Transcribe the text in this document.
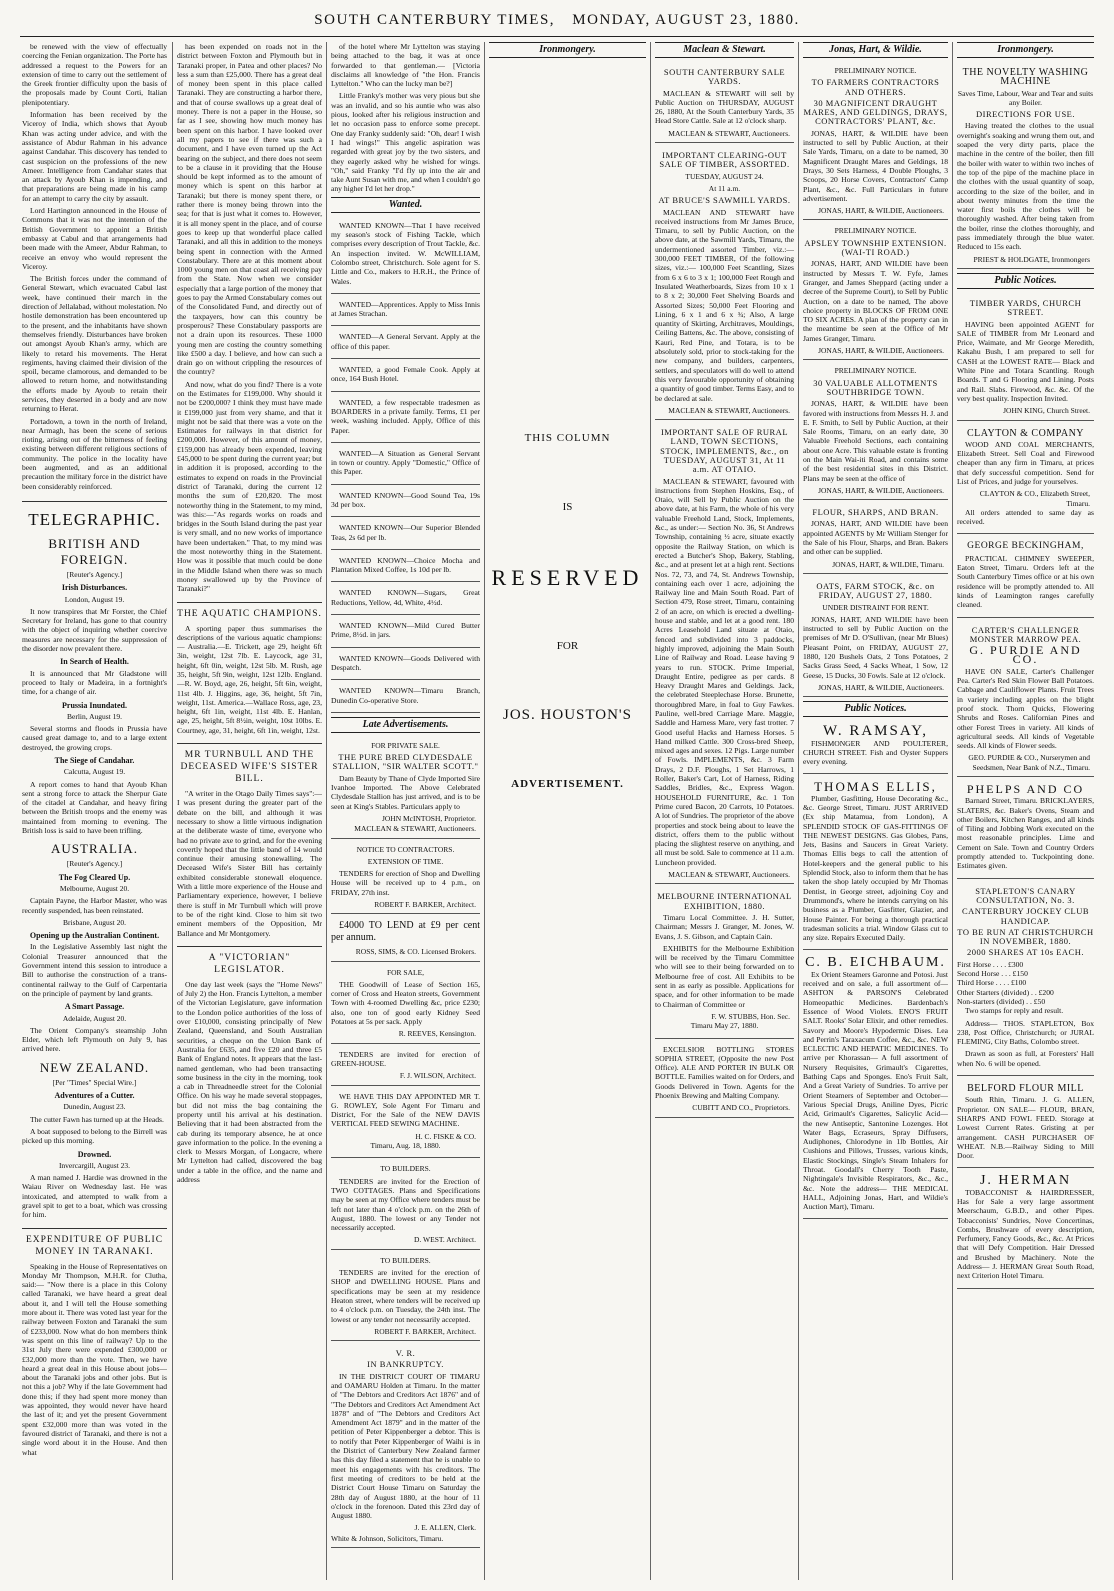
SOUTH CANTERBURY TIMES, MONDAY, AUGUST 23, 1880.

be renewed with the view of effectually coercing the Fenian organization. The Porte has addressed a request to the Powers for an extension of time to carry out the settlement of the Greek frontier difficulty upon the basis of the proposals made by Count Corti, Italian plenipotentiary.

Information has been received by the Viceroy of India, which shows that Ayoub Khan was acting under advice, and with the assistance of Abdur Rahman in his advance against Candahar. This discovery has tended to cast suspicion on the professions of the new Ameer. Intelligence from Candahar states that an attack by Ayoub Khan is impending, and that preparations are being made in his camp for an attempt to carry the city by assault.

Lord Hartington announced in the House of Commons that it was not the intention of the British Government to appoint a British embassy at Cabul and that arrangements had been made with the Ameer, Abdur Rahman, to receive an envoy who would represent the Viceroy.

The British forces under the command of General Stewart, which evacuated Cabul last week, have continued their march in the direction of Jellalabad, without molestation. No hostile demonstration has been encountered up to the present, and the inhabitants have shown themselves friendly. Disturbances have broken out amongst Ayoub Khan's army, which are likely to retard his movements. The Herat regiments, having claimed their division of the spoil, became clamorous, and demanded to be allowed to return home, and notwithstanding the efforts made by Ayoub to retain their services, they deserted in a body and are now returning to Herat.

Portadown, a town in the north of Ireland, near Armagh, has been the scene of serious rioting, arising out of the bitterness of feeling existing between different religious sections of community. The police in the locality have been augmented, and as an additional precaution the military force in the district have been considerably reinforced.

TELEGRAPHIC.
BRITISH AND FOREIGN.
[Reuter's Agency.]
Irish Disturbances.
London, August 19.

It now transpires that Mr Forster, the Chief Secretary for Ireland, has gone to that country with the object of inquiring whether coercive measures are necessary for the suppression of the disorder now prevalent there.

In Search of Health.

It is announced that Mr Gladstone will proceed to Italy or Madeira, in a fortnight's time, for a change of air.

Prussia Inundated.
Berlin, August 19.

Several storms and floods in Prussia have caused great damage to, and to a large extent destroyed, the growing crops.

The Siege of Candahar.
Calcutta, August 19.

A report comes to hand that Ayoub Khan sent a strong force to attack the Sherpur Gate of the citadel at Candahar, and heavy firing between the British troops and the enemy was maintained from morning to evening. The British loss is said to have been trifling.

AUSTRALIA.
[Reuter's Agency.]
The Fog Cleared Up.
Melbourne, August 20.

Captain Payne, the Harbor Master, who was recently suspended, has been reinstated.

Brisbane, August 20.
Opening up the Australian Continent.

In the Legislative Assembly last night the Colonial Treasurer announced that the Government intend this session to introduce a Bill to authorise the construction of a trans-continental railway to the Gulf of Carpentaria on the principle of payment by land grants.

A Smart Passage.
Adelaide, August 20.

The Orient Company's steamship John Elder, which left Plymouth on July 9, has arrived here.

NEW ZEALAND.
[Per "Times" Special Wire.]
Adventures of a Cutter.
Dunedin, August 23.

The cutter Fawn has turned up at the Heads.

A boat supposed to belong to the Birrell was picked up this morning.

Drowned.
Invercargill, August 23.

A man named J. Hardie was drowned in the Waiau River on Wednesday last. He was intoxicated, and attempted to walk from a gravel spit to get to a boat, which was crossing for him.

EXPENDITURE OF PUBLIC MONEY IN TARANAKI.

Speaking in the House of Representatives on Monday Mr Thompson, M.H.R. for Clutha, said:— "Now there is a place in this Colony called Taranaki, we have heard a great deal about it, and I will tell the House something more about it. There was voted last year for the railway between Foxton and Taranaki the sum of £233,000. Now what do hon members think was spent on this line of railway? Up to the 31st July there were expended £300,000 or £32,000 more than the vote. Then, we have heard a great deal in this House about jobs—about the Taranaki jobs and other jobs. But is not this a job? Why if the late Government had done this; if they had spent more money than was appointed, they would never have heard the last of it; and yet the present Government spent £32,000 more than was voted in the favoured district of Taranaki, and there is not a single word about it in the House. And then what

has been expended on roads not in the district between Foxton and Plymouth but in Taranaki proper, in Patea and other places? No less a sum than £25,000. There has a great deal of money been spent in this place called Taranaki. They are constructing a harbor there, and that of course swallows up a great deal of money. There is not a paper in the House, so far as I see, showing how much money has been spent on this harbor. I have looked over all my papers to see if there was such a document, and I have even turned up the Act bearing on the subject, and there does not seem to be a clause in it providing that the House should be kept informed as to the amount of money which is spent on this harbor at Taranaki; but there is money spent there, or rather there is money being thrown into the sea; for that is just what it comes to. However, it is all money spent in the place, and of course goes to keep up that wonderful place called Taranaki, and all this in addition to the moneys being spent in connection with the Armed Constabulary. There are at this moment about 1000 young men on that coast all receiving pay from the State. Now when we consider especially that a large portion of the money that goes to pay the Armed Constabulary comes out of the Consolidated Fund, and directly out of the taxpayers, how can this country be prosperous? These Constabulary passports are not a drain upon its resources. These 1000 young men are costing the country something like £500 a day. I believe, and how can such a drain go on without crippling the resources of the country?

And now, what do you find? There is a vote on the Estimates for £199,000. Why should it not be £200,000? I think they must have made it £199,000 just from very shame, and that it might not be said that there was a vote on the Estimates for railways in that district for £200,000. However, of this amount of money, £159,000 has already been expended, leaving £45,000 to be spent during the current year; but in addition it is proposed, according to the estimates to expend on roads in the Provincial district of Taranaki, during the current 12 months the sum of £20,820. The most noteworthy thing in the Statement, to my mind, was this:—"As regards works on roads and bridges in the South Island during the past year is very small, and no new works of importance have been undertaken." That, to my mind was the most noteworthy thing in the Statement. How was it possible that much could be done in the Middle Island when there was so much money swallowed up by the Province of Taranaki?"

THE AQUATIC CHAMPIONS.

A sporting paper thus summarises the descriptions of the various aquatic champions:— Australia.—E. Trickett, age 29, height 6ft 3in, weight, 12st 7lb. E. Laycock, age 31, height, 6ft 0in, weight, 12st 5lb. M. Rush, age 35, height, 5ft 9in, weight, 12st 12lb. England.—R. W. Boyd, age, 26, height, 5ft 6in, weight, 11st 4lb. J. Higgins, age, 36, height, 5ft 7in, weight, 11st. America.—Wallace Ross, age, 23, height, 6ft 1in, weight, 11st 4lb. E. Hanlan, age, 25, height, 5ft 8½in, weight, 10st 10lbs. E. Courtney, age, 31, height, 6ft 1in, weight, 12st.

MR TURNBULL AND THE DECEASED WIFE'S SISTER BILL.

"A writer in the Otago Daily Times says":—I was present during the greater part of the debate on the bill, and although it was necessary to show a little virtuous indignation at the deliberate waste of time, everyone who had no private axe to grind, and for the evening covertly hoped that the little band of 14 would continue their amusing stonewalling. The Deceased Wife's Sister Bill has certainly exhibited considerable stonewall eloquence. With a little more experience of the House and Parliamentary experience, however, I believe there is stuff in Mr Turnbull which will prove to be of the right kind. Close to him sit two eminent members of the Opposition, Mr Ballance and Mr Montgomery.

A "VICTORIAN" LEGISLATOR.

One day last week (says the "Home News" of July 2) the Hon. Francis Lyttelton, a member of the Victorian Legislature, gave information to the London police authorities of the loss of over £10,000, consisting principally of New Zealand, Queensland, and South Australian securities, a cheque on the Union Bank of Australia for £635, and five £20 and three £5 Bank of England notes. It appears that the last-named gentleman, who had been transacting some business in the city in the morning, took a cab in Threadneedle street for the Colonial Office. On his way he made several stoppages, but did not miss the bag containing the property until his arrival at his destination. Believing that it had been abstracted from the cab during its temporary absence, he at once gave information to the police. In the evening a clerk to Messrs Morgan, of Longacre, where Mr Lyttelton had called, discovered the bag under a table in the office, and the name and address

of the hotel where Mr Lyttelton was staying being attached to the bag, it was at once forwarded to that gentleman.— [Victoria disclaims all knowledge of "the Hon. Francis Lyttelton." Who can the lucky man be?]

Little Franky's mother was very pious but she was an invalid, and so his auntie who was also pious, looked after his religious instruction and let no occasion pass to enforce some precept. One day Franky suddenly said: "Oh, dear! I wish I had wings!" This angelic aspiration was regarded with great joy by the two sisters, and they eagerly asked why he wished for wings. "Oh," said Franky "I'd fly up into the air and take Aunt Susan with me, and when I couldn't go any higher I'd let her drop."

Wanted.

WANTED KNOWN—That I have received my season's stock of Fishing Tackle, which comprises every description of Trout Tackle, &c. An inspection invited. W. McWILLIAM, Colombo street, Christchurch. Sole agent for S. Little and Co., makers to H.R.H., the Prince of Wales.

WANTED—Apprentices. Apply to Miss Innis at James Strachan.

WANTED—A General Servant. Apply at the office of this paper.

WANTED, a good Female Cook. Apply at once, 164 Bush Hotel.

WANTED, a few respectable tradesmen as BOARDERS in a private family. Terms, £1 per week, washing included. Apply, Office of this Paper.

WANTED—A Situation as General Servant in town or country. Apply "Domestic," Office of this Paper.

WANTED KNOWN—Good Sound Tea, 19s 3d per box.

WANTED KNOWN—Our Superior Blended Teas, 2s 6d per lb.

WANTED KNOWN—Choice Mocha and Plantation Mixed Coffee, 1s 10d per lb.

WANTED KNOWN—Sugars, Great Reductions, Yellow, 4d, White, 4½d.

WANTED KNOWN—Mild Cured Butter Prime, 8½d. in jars.

WANTED KNOWN—Goods Delivered with Despatch.

WANTED KNOWN—Timaru Branch, Dunedin Co-operative Store.

Late Advertisements.
FOR PRIVATE SALE.
THE PURE BRED CLYDESDALE STALLION, "SIR WALTER SCOTT."

Dam Beauty by Thane of Clyde Imported Sire Ivanhoe Imported. The Above Celebrated Clydesdale Stallion has just arrived, and is to be seen at King's Stables. Particulars apply to

JOHN McINTOSH, Proprietor.
MACLEAN & STEWART, Auctioneers.
NOTICE TO CONTRACTORS.
EXTENSION OF TIME.

TENDERS for erection of Shop and Dwelling House will be received up to 4 p.m., on FRIDAY, 27th inst.

ROBERT F. BARKER, Architect.

£4000 TO LEND at £9 per cent per annum.

ROSS, SIMS, & CO. Licensed Brokers.
FOR SALE,

THE Goodwill of Lease of Section 165, corner of Cross and Heaton streets, Government Town with 4-roomed Dwelling &c, price £230; also, one ton of good early Kidney Seed Potatoes at 5s per sack. Apply

R. REEVES, Kensington.

TENDERS are invited for erection of GREEN-HOUSE.

F. J. WILSON, Architect.

WE HAVE THIS DAY APPOINTED MR T. G. ROWLEY, Sole Agent For Timaru and District, For the Sale of the NEW DAVIS VERTICAL FEED SEWING MACHINE.

H. C. FISKE & CO.
Timaru, Aug. 18, 1880.
TO BUILDERS.

TENDERS are invited for the Erection of TWO COTTAGES. Plans and Specifications may be seen at my Office where tenders must be left not later than 4 o'clock p.m. on the 26th of August, 1880. The lowest or any Tender not necessarily accepted.

D. WEST. Architect.
TO BUILDERS.

TENDERS are invited for the erection of SHOP and DWELLING HOUSE. Plans and specifications may be seen at my residence Heaton street, where tenders will be received up to 4 o'clock p.m. on Tuesday, the 24th inst. The lowest or any tender not necessarily accepted.

ROBERT F. BARKER, Architect.
V. R.
IN BANKRUPTCY.

IN THE DISTRICT COURT OF TIMARU and OAMARU Holden at Timaru. In the matter of "The Debtors and Creditors Act 1876" and of "The Debtors and Creditors Act Amendment Act 1878" and of "The Debtors and Creditors Act Amendment Act 1879" and in the matter of the petition of Peter Kippenberger a debtor. This is to notify that Peter Kippenberger of Waihi is in the District of Canterbury New Zealand farmer has this day filed a statement that he is unable to meet his engagements with his creditors. The first meeting of creditors to be held at the District Court House Timaru on Saturday the 28th day of August 1880, at the hour of 11 o'clock in the forenoon. Dated this 23rd day of August 1880.

J. E. ALLEN, Clerk.
White & Johnson, Solicitors, Timaru.
Ironmongery.
THIS COLUMN
IS
RESERVED
FOR
JOS. HOUSTON'S
ADVERTISEMENT.
Maclean & Stewart.
SOUTH CANTERBURY SALE YARDS.

MACLEAN & STEWART will sell by Public Auction on THURSDAY, AUGUST 26, 1880, At the South Canterbury Yards, 35 Head Store Cattle. Sale at 12 o'clock sharp.

MACLEAN & STEWART, Auctioneers.
IMPORTANT CLEARING-OUT SALE OF TIMBER, ASSORTED.
TUESDAY, AUGUST 24.
At 11 a.m.
AT BRUCE'S SAWMILL YARDS.

MACLEAN AND STEWART have received instructions from Mr James Bruce, Timaru, to sell by Public Auction, on the above date, at the Sawmill Yards, Timaru, the undermentioned assorted Timber, viz.:— 300,000 FEET TIMBER, Of the following sizes, viz.:— 100,000 Feet Scantling, Sizes from 6 x 6 to 3 x 1; 100,000 Feet Rough and Insulated Weatherboards, Sizes from 10 x 1 to 8 x 2; 30,000 Feet Shelving Boards and Assorted Sizes; 50,000 Feet Flooring and Lining, 6 x 1 and 6 x ¾; Also, A large quantity of Skirting, Architraves, Mouldings, Ceiling Battens, &c. The above, consisting of Kauri, Red Pine, and Totara, is to be absolutely sold, prior to stock-taking for the new company, and builders, carpenters, settlers, and speculators will do well to attend this very favourable opportunity of obtaining a quantity of good timber. Terms Easy, and to be declared at sale.

MACLEAN & STEWART, Auctioneers.
IMPORTANT SALE OF RURAL LAND, TOWN SECTIONS, STOCK, IMPLEMENTS, &c., on TUESDAY, AUGUST 31, At 11 a.m. AT OTAIO.

MACLEAN & STEWART, favoured with instructions from Stephen Hoskins, Esq., of Otaio, will Sell by Public Auction on the above date, at his Farm, the whole of his very valuable Freehold Land, Stock, Implements, &c., as under:— Section No. 36, St Andrews Township, containing ½ acre, situate exactly opposite the Railway Station, on which is erected a Butcher's Shop, Bakery, Stabling, &c., and at present let at a high rent. Sections Nos. 72, 73, and 74, St. Andrews Township, containing each over 1 acre, adjoining the Railway line and Main South Road. Part of Section 479, Rose street, Timaru, containing 2 of an acre, on which is erected a dwelling-house and stable, and let at a good rent. 180 Acres Leasehold Land situate at Otaio, fenced and subdivided into 3 paddocks, highly improved, adjoining the Main South Line of Railway and Road. Lease having 9 years to run. STOCK. Prime Imperial, Draught Entire, pedigree as per cards. 8 Heavy Draught Mares and Geldings. Jack, the celebrated Steeplechase Horse. Brunette, thoroughbred Mare, in foal to Guy Fawkes. Pauline, well-bred Carriage Mare. Maggie, Saddle and Harness Mare, very fast trotter. 7 Good useful Hacks and Harness Horses. 5 Hand milked Cattle. 300 Cross-bred Sheep, mixed ages and sexes. 12 Pigs. Large number of Fowls. IMPLEMENTS, &c. 3 Farm Drays, 2 D.F. Ploughs, 1 Set Harrows, 1 Roller, Baker's Cart, Lot of Harness, Riding Saddles, Bridles, &c., Express Wagon. HOUSEHOLD FURNITURE, &c. 1 Ton Prime cured Bacon, 20 Carrots, 10 Potatoes. A lot of Sundries. The proprietor of the above properties and stock being about to leave the district, offers them to the public without placing the slightest reserve on anything, and all must be sold. Sale to commence at 11 a.m. Luncheon provided.

MACLEAN & STEWART, Auctioneers.
MELBOURNE INTERNATIONAL EXHIBITION, 1880.

Timaru Local Committee. J. H. Sutter, Chairman; Messrs J. Granger, M. Jones, W. Evans, J. S. Gibson, and Captain Cain.

EXHIBITS for the Melbourne Exhibition will be received by the Timaru Committee who will see to their being forwarded on to Melbourne free of cost. All Exhibits to be sent in as early as possible. Applications for space, and for other information to be made to Chairman of Committee or

F. W. STUBBS, Hon. Sec.
Timaru May 27, 1880.

EXCELSIOR BOTTLING STORES SOPHIA STREET, (Opposite the new Post Office). ALE AND PORTER IN BULK OR BOTTLE. Families waited on for Orders, and Goods Delivered in Town. Agents for the Phoenix Brewing and Malting Company.

CUBITT AND CO., Proprietors.
Jonas, Hart, & Wildie.
PRELIMINARY NOTICE.
TO FARMERS CONTRACTORS AND OTHERS.
30 MAGNIFICENT DRAUGHT MARES, AND GELDINGS, DRAYS, CONTRACTORS' PLANT, &c.

JONAS, HART, & WILDIE have been instructed to sell by Public Auction, at their Sale Yards, Timaru, on a date to be named, 30 Magnificent Draught Mares and Geldings, 18 Drays, 30 Sets Harness, 4 Double Ploughs, 3 Scoops, 20 Horse Covers, Contractors' Camp Plant, &c., &c. Full Particulars in future advertisement.

JONAS, HART, & WILDIE, Auctioneers.
PRELIMINARY NOTICE.
APSLEY TOWNSHIP EXTENSION. (WAI-TI ROAD.)

JONAS, HART, AND WILDIE have been instructed by Messrs T. W. Fyfe, James Granger, and James Sheppard (acting under a decree of the Supreme Court), to Sell by Public Auction, on a date to be named, The above choice property in BLOCKS OF FROM ONE TO SIX ACRES. A plan of the property can in the meantime be seen at the Office of Mr James Granger, Timaru.

JONAS, HART, & WILDIE, Auctioneers.
PRELIMINARY NOTICE.
30 VALUABLE ALLOTMENTS SOUTHBRIDGE TOWN.

JONAS, HART, & WILDIE have been favored with instructions from Messrs H. J. and E. F. Smith, to Sell by Public Auction, at their Sale Rooms, Timaru, on an early date, 30 Valuable Freehold Sections, each containing about one Acre. This valuable estate is fronting on the Main Wai-iti Road, and contains some of the best residential sites in this District. Plans may be seen at the office of

JONAS, HART, & WILDIE, Auctioneers.
FLOUR, SHARPS, AND BRAN.

JONAS, HART, AND WILDIE have been appointed AGENTS by Mr William Stenger for the Sale of his Flour, Sharps, and Bran. Bakers and other can be supplied.

JONAS, HART, & WILDIE, Timaru.
OATS, FARM STOCK, &c. on FRIDAY, AUGUST 27, 1880.
UNDER DISTRAINT FOR RENT.

JONAS, HART, AND WILDIE have been instructed to sell by Public Auction on the premises of Mr D. O'Sullivan, (near Mr Blues) Pleasant Point, on FRIDAY, AUGUST 27, 1880, 120 Bushels Oats, 2 Tons Potatoes, 2 Sacks Grass Seed, 4 Sacks Wheat, 1 Sow, 12 Geese, 15 Ducks, 30 Fowls. Sale at 12 o'clock.

JONAS, HART, & WILDIE, Auctioneers.
Public Notices.
W. RAMSAY,

FISHMONGER AND POULTERER, CHURCH STREET. Fish and Oyster Suppers every evening.

THOMAS ELLIS,

Plumber, Gasfitting, House Decorating &c., &c. George Street, Timaru. JUST ARRIVED (Ex ship Matamua, from London), A SPLENDID STOCK OF GAS-FITTINGS OF THE NEWEST DESIGNS. Gas Globes, Pans, Jets, Basins and Saucers in Great Variety. Thomas Ellis begs to call the attention of Hotel-keepers and the general public to his Splendid Stock, also to inform them that he has taken the shop lately occupied by Mr Thomas Dentist, in George street, adjoining Coy and Drummond's, where he intends carrying on his business as a Plumber, Gasfitter, Glazier, and House Painter. For being a thorough practical tradesman solicits a trial. Window Glass cut to any size. Repairs Executed Daily.

C. B. EICHBAUM.

Ex Orient Steamers Garonne and Potosi. Just received and on sale, a full assortment of— ASHTON & PARSON'S Celebrated Homeopathic Medicines. Bardenbach's Essence of Wood Violets. ENO'S FRUIT SALT. Rooks' Solar Elixir, and other remedies. Savory and Moore's Hypodermic Dises. Lea and Perrin's Taraxacum Coffee, &c., &c. NEW ECLECTIC AND HEPATIC MEDICINES. To arrive per Khorassan— A full assortment of Nursery Requisites, Grimault's Cigarettes, Bathing Caps and Sponges. Eno's Fruit Salt, And a Great Variety of Sundries. To arrive per Orient Steamers of September and October— Various Special Drugs, Aniline Dyes, Picric Acid, Grimault's Cigarettes, Salicylic Acid—the new Antiseptic, Santonine Lozenges. Hot Water Bags, Ecraseurs, Spray Diffusers, Audiphones, Chlorodyne in 1lb Bottles, Air Cushions and Pillows, Trusses, various kinds, Elastic Stockings, Single's Steam Inhalers for Throat. Goodall's Cherry Tooth Paste, Nightingale's Invisible Respirators, &c., &c., &c. Note the address— THE MEDICAL HALL, Adjoining Jonas, Hart, and Wildie's Auction Mart), Timaru.

Ironmongery.
THE NOVELTY WASHING MACHINE
Saves Time, Labour, Wear and Tear and suits any Boiler.
DIRECTIONS FOR USE.

Having treated the clothes to the usual overnight's soaking and wrung them out, and soaped the very dirty parts, place the machine in the centre of the boiler, then fill the boiler with water to within two inches of the top of the pipe of the machine place in the clothes with the usual quantity of soap, according to the size of the boiler, and in about twenty minutes from the time the water first boils the clothes will be thoroughly washed. After being taken from the boiler, rinse the clothes thoroughly, and pass immediately through the blue water. Reduced to 15s each.

PRIEST & HOLDGATE, Ironmongers
Public Notices.
TIMBER YARDS, CHURCH STREET.

HAVING been appointed AGENT for SALE of TIMBER from Mr Leonard and Price, Waimate, and Mr George Meredith, Kakahu Bush, I am prepared to sell for CASH at the LOWEST RATE— Black and White Pine and Totara Scantling. Rough Boards. T and G Flooring and Lining. Posts and Rail. Slabs. Firewood, &c. &c. Of the very best quality. Inspection Invited.

JOHN KING, Church Street.
CLAYTON & COMPANY

WOOD AND COAL MERCHANTS, Elizabeth Street. Sell Coal and Firewood cheaper than any firm in Timaru, at prices that defy successful competition. Send for List of Prices, and judge for yourselves.

CLAYTON & CO., Elizabeth Street, Timaru.

All orders attended to same day as received.

GEORGE BECKINGHAM,

PRACTICAL CHIMNEY SWEEPER, Eaton Street, Timaru. Orders left at the South Canterbury Times office or at his own residence will be promptly attended to. All kinds of Leamington ranges carefully cleaned.

CARTER'S CHALLENGER MONSTER MARROW PEA.
G. PURDIE AND CO.

HAVE ON SALE, Carter's Challenger Pea. Carter's Red Skin Flower Ball Potatoes. Cabbage and Cauliflower Plants. Fruit Trees in variety including apples on the blight proof stock. Thorn Quicks, Flowering Shrubs and Roses. Californian Pines and other Forest Trees in variety. All kinds of agricultural seeds. All kinds of Vegetable seeds. All kinds of Flower seeds.

GEO. PURDIE & CO., Nurserymen and Seedsmen, Near Bank of N.Z., Timaru.
PHELPS AND CO

Barnard Street, Timaru. BRICKLAYERS, SLATERS, &c. Baker's Ovens, Steam and other Boilers, Kitchen Ranges, and all kinds of Tiling and Jobbing Work executed on the most reasonable principles. Lime and Cement on Sale. Town and Country Orders promptly attended to. Tuckpointing done. Estimates given.

STAPLETON'S CANARY CONSULTATION, No. 3.
CANTERBURY JOCKEY CLUB HANDICAP.
TO BE RUN AT CHRISTCHURCH IN NOVEMBER, 1880.
2000 SHARES AT 10s EACH.
First Horse . . . . £300
Second Horse . . . £150
Third Horse . . . . £100
Other Starters (divided) . . £200
Non-starters (divided) . . £50

Two stamps for reply and result.

Address— THOS. STAPLETON, Box 238, Post Office, Christchurch; or JURAL FLEMING, City Baths, Colombo street.

Drawn as soon as full, at Foresters' Hall when No. 6 will be opened.

BELFORD FLOUR MILL

South Rhin, Timaru. J. G. ALLEN, Proprietor. ON SALE— FLOUR, BRAN, SHARPS AND FOWL FEED. Storage at Lowest Current Rates. Gristing at per arrangement. CASH PURCHASER OF WHEAT. N.B.—Railway Siding to Mill Door.

J. HERMAN

TOBACCONIST & HAIRDRESSER, Has for Sale a very large assortment Meerschaum, G.B.D., and other Pipes. Tobacconists' Sundries, Nove Concertinas, Combs, Brushware of every description, Perfumery, Fancy Goods, &c., &c. At Prices that will Defy Competition. Hair Dressed and Brushed by Machinery. Note the Address— J. HERMAN Great South Road, next Criterion Hotel Timaru.
